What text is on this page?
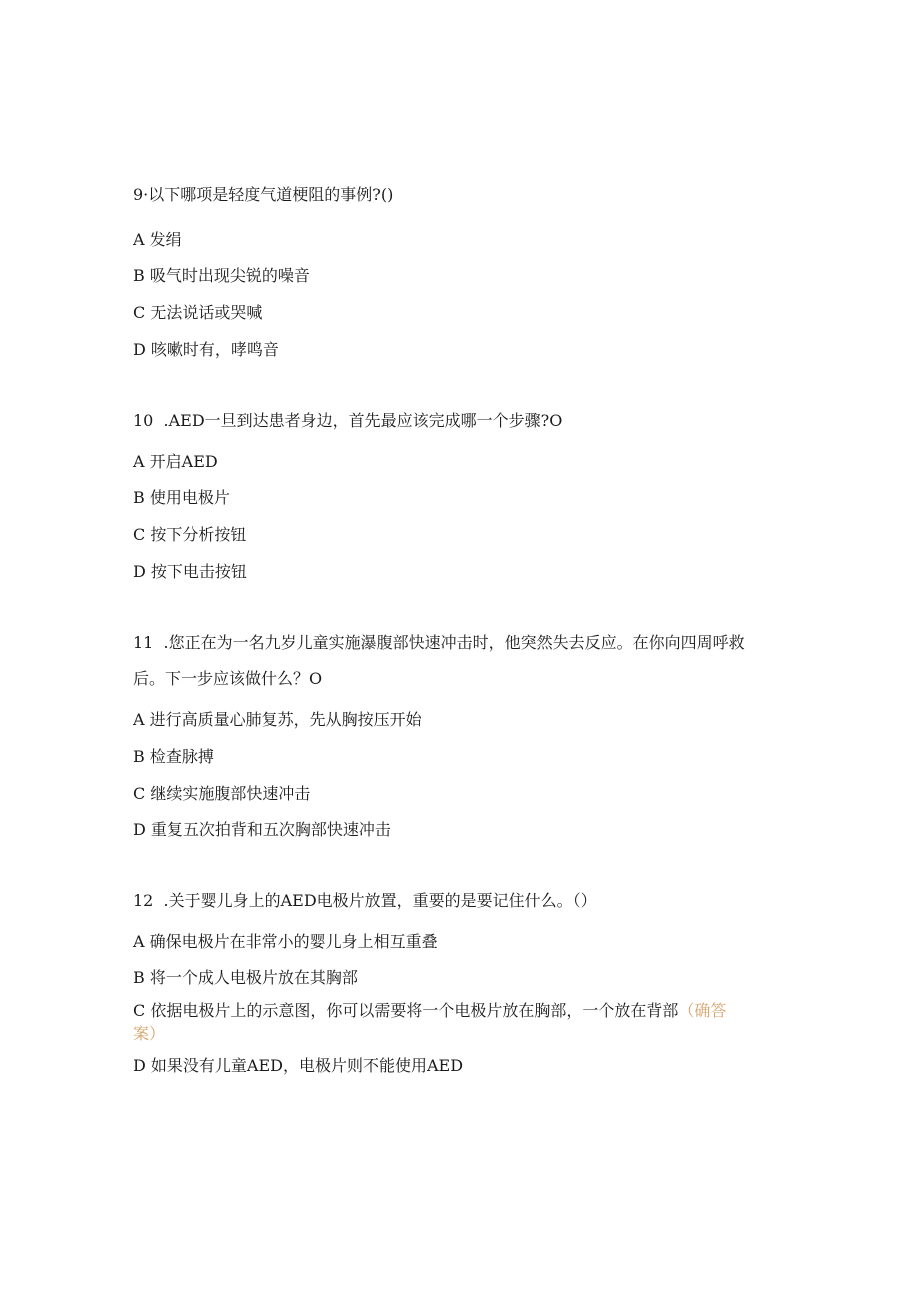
9·以下哪项是轻度气道梗阻的事例?()
A 发绢
B 吸气时出现尖锐的噪音
C 无法说话或哭喊
D 咳嗽时有，哮鸣音
10 .AED一旦到达患者身边，首先最应该完成哪一个步骤?O
A 开启AED
B 使用电极片
C 按下分析按钮
D 按下电击按钮
11 .您正在为一名九岁儿童实施瀑腹部快速冲击时，他突然失去反应。在你向四周呼救
后。下一步应该做什么？O
A 进行高质量心肺复苏，先从胸按压开始
B 检查脉搏
C 继续实施腹部快速冲击
D 重复五次拍背和五次胸部快速冲击
12 .关于婴儿身上的AED电极片放置，重要的是要记住什么。（）
A 确保电极片在非常小的婴儿身上相互重叠
B 将一个成人电极片放在其胸部
C 依据电极片上的示意图，你可以需要将一个电极片放在胸部，一个放在背部（确答
案）
D 如果没有儿童AED，电极片则不能使用AED
